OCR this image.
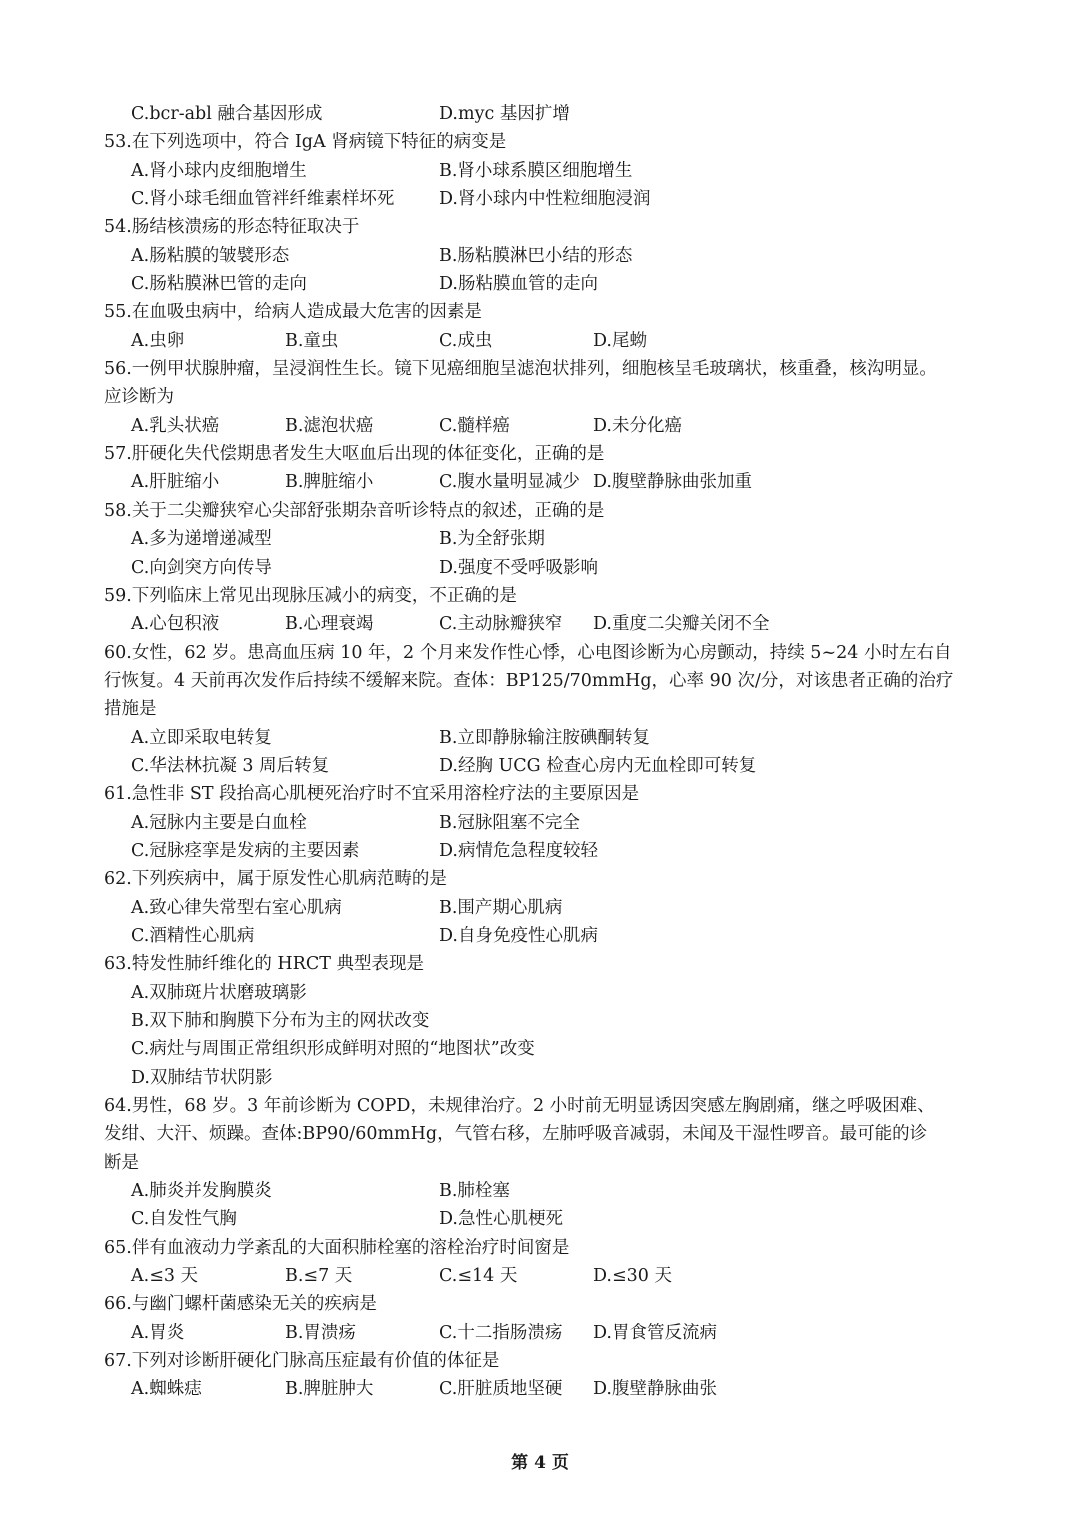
C.bcr-abl 融合基因形成	D.myc 基因扩增
53.在下列选项中，符合 IgA 肾病镜下特征的病变是
A.肾小球内皮细胞增生	B.肾小球系膜区细胞增生
C.肾小球毛细血管袢纤维素样坏死	D.肾小球内中性粒细胞浸润
54.肠结核溃疡的形态特征取决于
A.肠粘膜的皱襞形态	B.肠粘膜淋巴小结的形态
C.肠粘膜淋巴管的走向	D.肠粘膜血管的走向
55.在血吸虫病中，给病人造成最大危害的因素是
A.虫卵	B.童虫	C.成虫	D.尾蚴
56.一例甲状腺肿瘤，呈浸润性生长。镜下见癌细胞呈滤泡状排列，细胞核呈毛玻璃状，核重叠，核沟明显。
应诊断为
A.乳头状癌	B.滤泡状癌	C.髓样癌	D.未分化癌
57.肝硬化失代偿期患者发生大呕血后出现的体征变化，正确的是
A.肝脏缩小	B.脾脏缩小	C.腹水量明显减少 D.腹壁静脉曲张加重
58.关于二尖瓣狭窄心尖部舒张期杂音听诊特点的叙述，正确的是
A.多为递增递减型	B.为全舒张期
C.向剑突方向传导	D.强度不受呼吸影响
59.下列临床上常见出现脉压减小的病变，不正确的是
A.心包积液	B.心理衰竭	C.主动脉瓣狭窄 D.重度二尖瓣关闭不全
60.女性，62 岁。患高血压病 10 年，2 个月来发作性心悸，心电图诊断为心房颤动，持续 5~24 小时左右自
行恢复。4 天前再次发作后持续不缓解来院。查体：BP125/70mmHg，心率 90 次/分，对该患者正确的治疗
措施是
A.立即采取电转复	B.立即静脉输注胺碘酮转复
C.华法林抗凝 3 周后转复	D.经胸 UCG 检查心房内无血栓即可转复
61.急性非 ST 段抬高心肌梗死治疗时不宜采用溶栓疗法的主要原因是
A.冠脉内主要是白血栓	B.冠脉阻塞不完全
C.冠脉痉挛是发病的主要因素	D.病情危急程度较轻
62.下列疾病中，属于原发性心肌病范畴的是
A.致心律失常型右室心肌病	B.围产期心肌病
C.酒精性心肌病	D.自身免疫性心肌病
63.特发性肺纤维化的 HRCT 典型表现是
A.双肺斑片状磨玻璃影
B.双下肺和胸膜下分布为主的网状改变
C.病灶与周围正常组织形成鲜明对照的“地图状”改变
D.双肺结节状阴影
64.男性，68 岁。3 年前诊断为 COPD，未规律治疗。2 小时前无明显诱因突感左胸剧痛，继之呼吸困难、
发绀、大汗、烦躁。查体:BP90/60mmHg，气管右移，左肺呼吸音减弱，未闻及干湿性啰音。最可能的诊
断是
A.肺炎并发胸膜炎	B.肺栓塞
C.自发性气胸	D.急性心肌梗死
65.伴有血液动力学紊乱的大面积肺栓塞的溶栓治疗时间窗是
A.≤3 天	B.≤7 天	C.≤14 天	D.≤30 天
66.与幽门螺杆菌感染无关的疾病是
A.胃炎	B.胃溃疡	C.十二指肠溃疡 D.胃食管反流病
67.下列对诊断肝硬化门脉高压症最有价值的体征是
A.蜘蛛痣	B.脾脏肿大	C.肝脏质地坚硬 D.腹壁静脉曲张
第 4 页
